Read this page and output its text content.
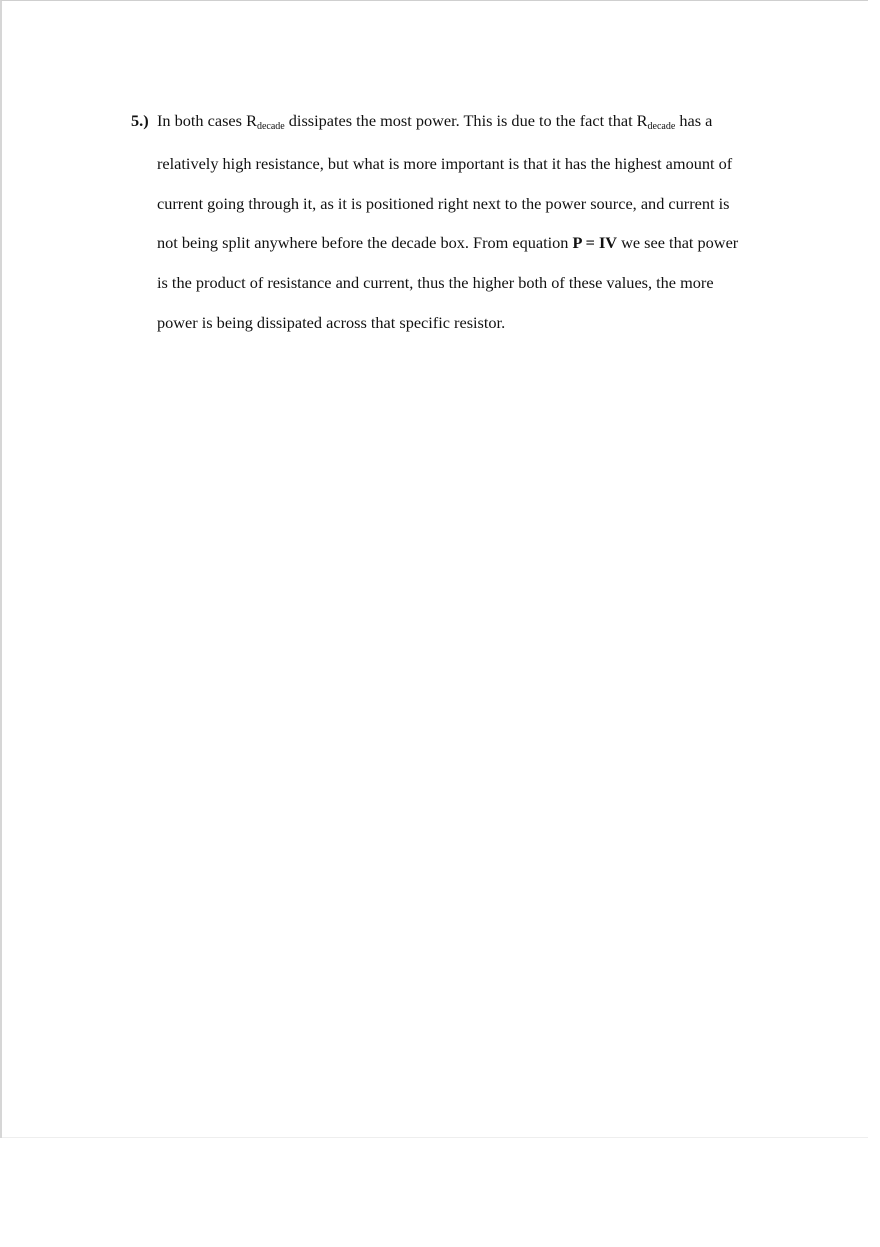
5.) In both cases Rdecade dissipates the most power. This is due to the fact that Rdecade has a
relatively high resistance, but what is more important is that it has the highest amount of
current going through it, as it is positioned right next to the power source, and current is
not being split anywhere before the decade box. From equation P = IV we see that power
is the product of resistance and current, thus the higher both of these values, the more
power is being dissipated across that specific resistor.
